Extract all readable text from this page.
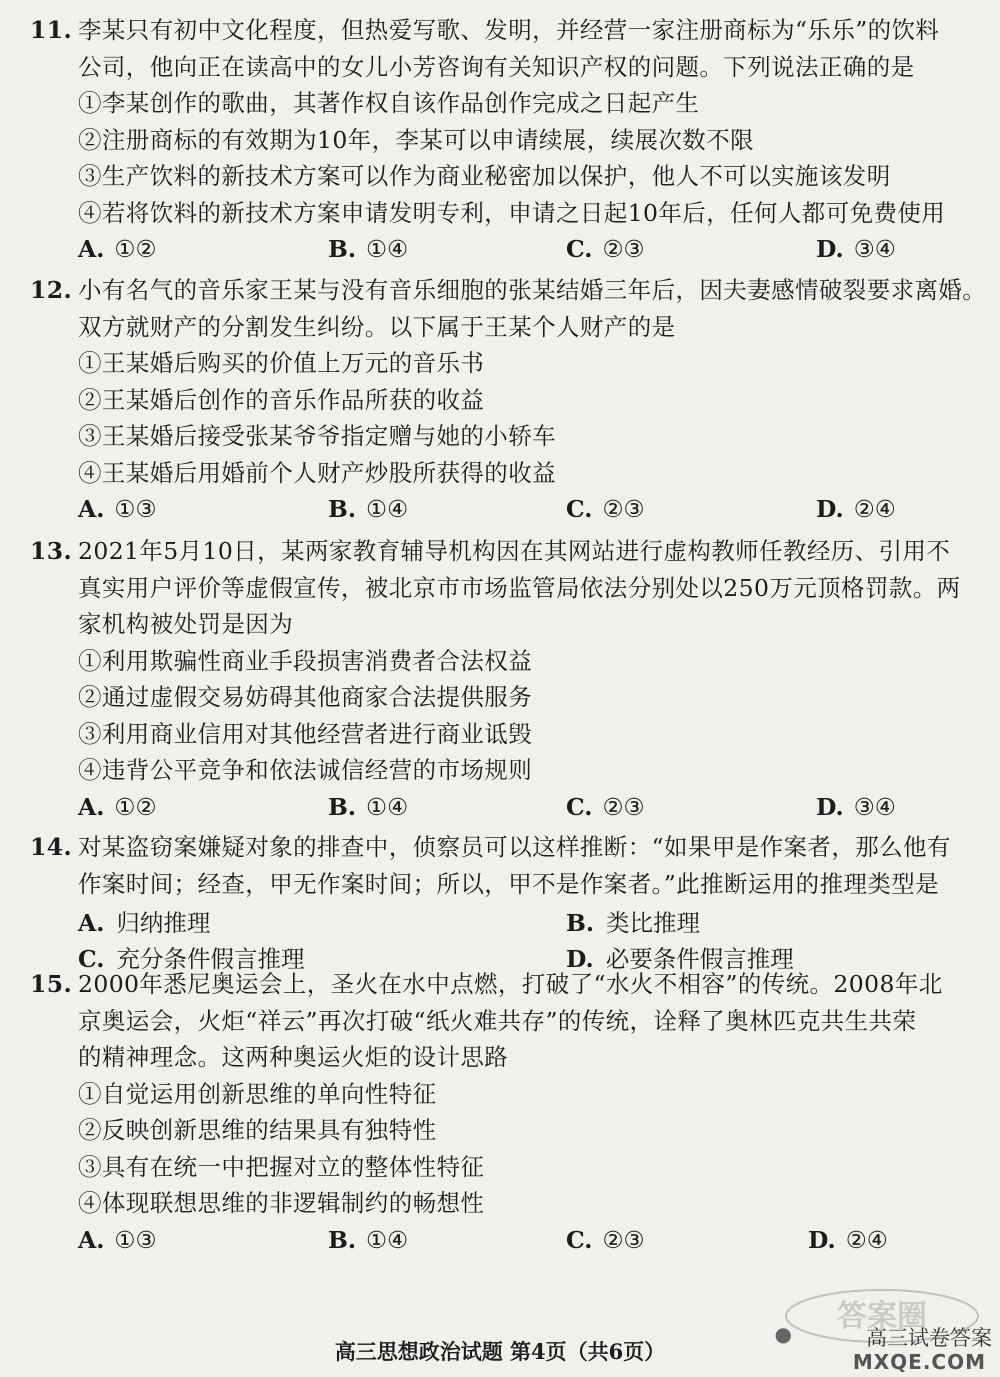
11. 李某只有初中文化程度，但热爱写歌、发明，并经营一家注册商标为“乐乐”的饮料
公司，他向正在读高中的女儿小芳咨询有关知识产权的问题。下列说法正确的是
①李某创作的歌曲，其著作权自该作品创作完成之日起产生
②注册商标的有效期为10年，李某可以申请续展，续展次数不限
③生产饮料的新技术方案可以作为商业秘密加以保护，他人不可以实施该发明
④若将饮料的新技术方案申请发明专利，申请之日起10年后，任何人都可免费使用
A. ①②	B. ①④	C. ②③	D. ③④
12. 小有名气的音乐家王某与没有音乐细胞的张某结婚三年后，因夫妻感情破裂要求离婚。
双方就财产的分割发生纠纷。以下属于王某个人财产的是
①王某婚后购买的价值上万元的音乐书
②王某婚后创作的音乐作品所获的收益
③王某婚后接受张某爷爷指定赠与她的小轿车
④王某婚后用婚前个人财产炒股所获得的收益
A. ①③	B. ①④	C. ②③	D. ②④
13. 2021年5月10日，某两家教育辅导机构因在其网站进行虚构教师任教经历、引用不
真实用户评价等虚假宣传，被北京市市场监管局依法分别处以250万元顶格罚款。两
家机构被处罚是因为
①利用欺骗性商业手段损害消费者合法权益
②通过虚假交易妨碍其他商家合法提供服务
③利用商业信用对其他经营者进行商业诋毁
④违背公平竞争和依法诚信经营的市场规则
A. ①②	B. ①④	C. ②③	D. ③④
14. 对某盗窃案嫌疑对象的排查中，侦察员可以这样推断：“如果甲是作案者，那么他有
作案时间；经查，甲无作案时间；所以，甲不是作案者。”此推断运用的推理类型是
A. 归纳推理	B. 类比推理
C. 充分条件假言推理	D. 必要条件假言推理
15. 2000年悉尼奥运会上，圣火在水中点燃，打破了“水火不相容”的传统。2008年北
京奥运会，火炬“祥云”再次打破“纸火难共存”的传统，诠释了奥林匹克共生共荣
的精神理念。这两种奥运火炬的设计思路
①自觉运用创新思维的单向性特征
②反映创新思维的结果具有独特性
③具有在统一中把握对立的整体性特征
④体现联想思维的非逻辑制约的畅想性
A. ①③	B. ①④	C. ②③	D. ②④
答案圈
●	高三试卷答案
MXQE.COM
高三思想政治试题 第4页（共6页）
